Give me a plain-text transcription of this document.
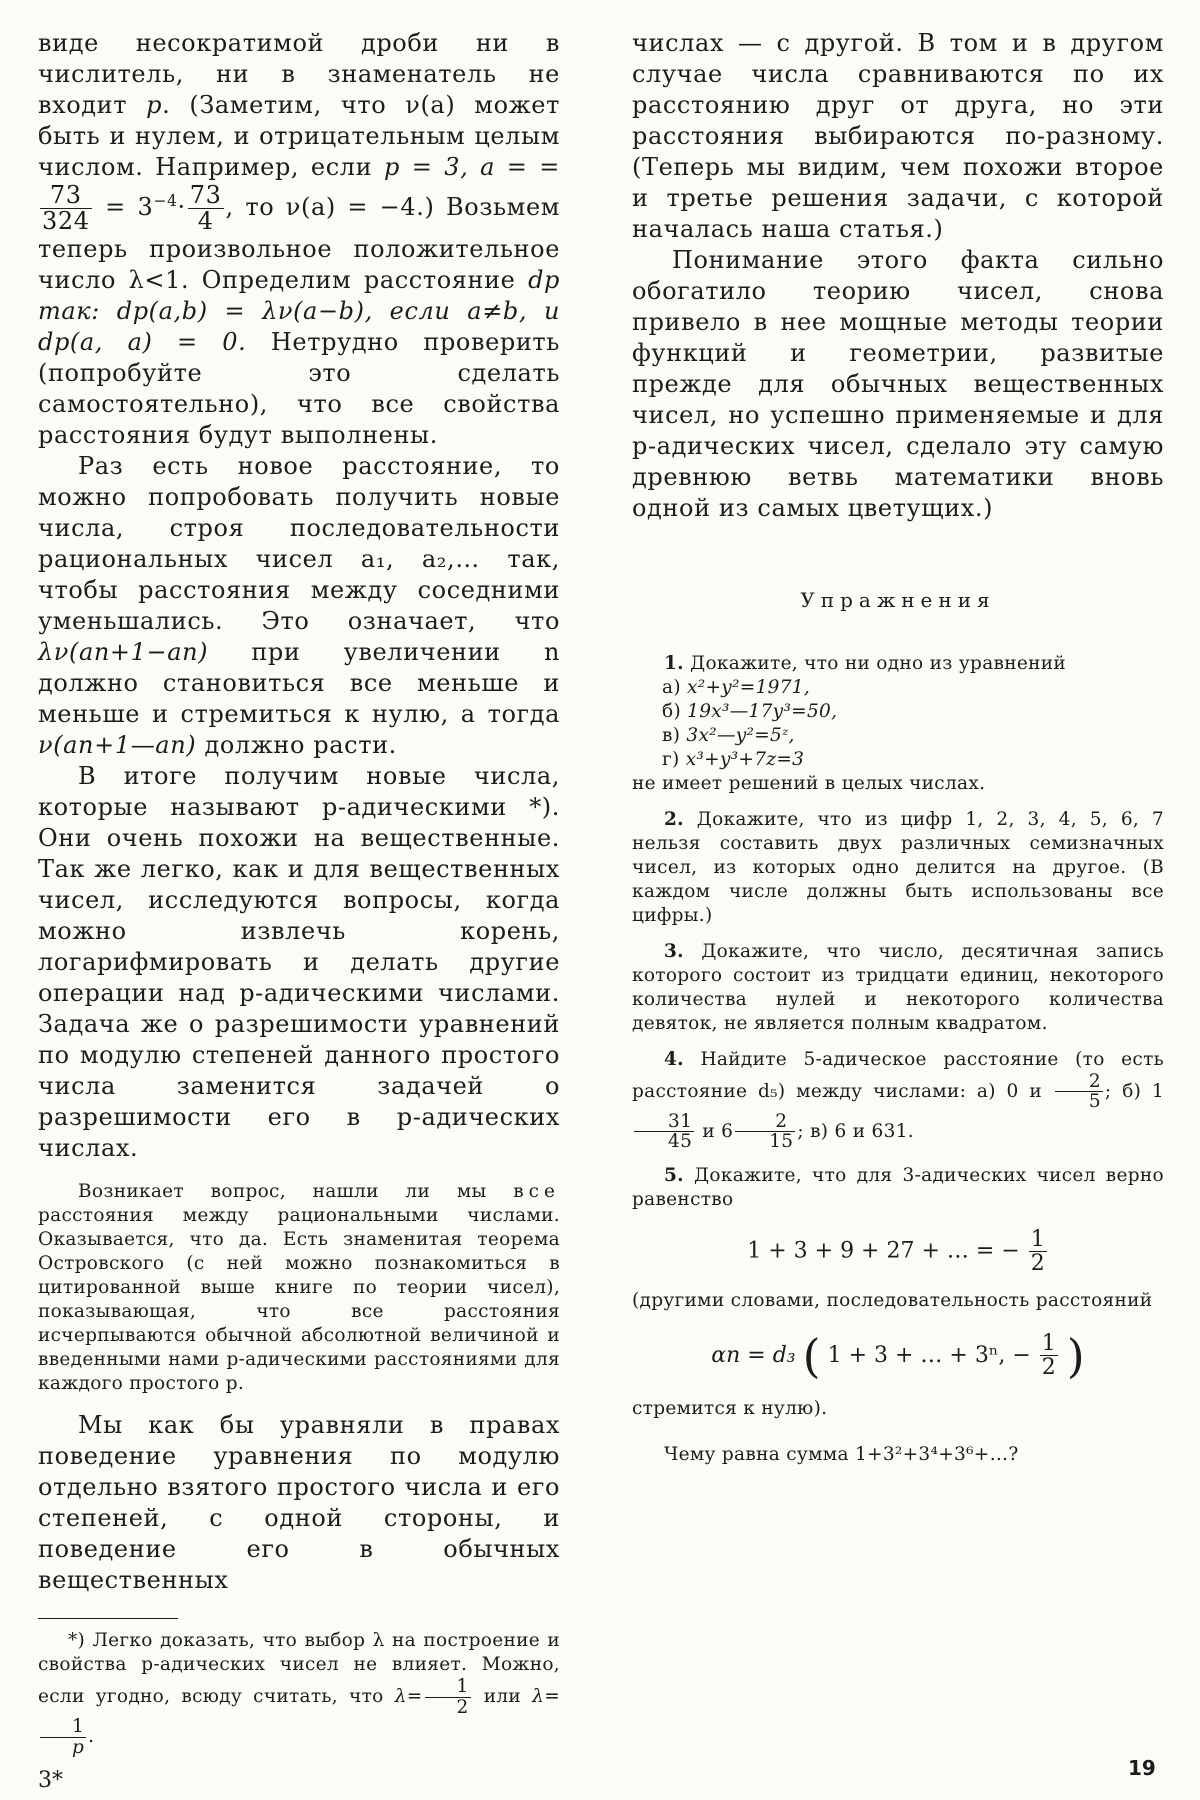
виде несократимой дроби ни в числитель, ни в знаменатель не входит p. (Заметим, что ν(a) может быть и нулем, и отрицательным целым числом. Например, если p = 3, a = =
$\frac{73}{324} = 3^{-4}\cdot \frac{73}{4}$ , то ν(a) = −4.) Возьмем теперь произвольное положительное число λ<1. Определим расстояние dp так: dp(a,b) = λν(a−b), если a≠b, и dp(a, a) = 0. Нетрудно проверить (попробуйте это сделать самостоятельно), что все свойства расстояния будут выполнены.

Раз есть новое расстояние, то можно попробовать получить новые числа, строя последовательности рациональных чисел a₁, a₂,… так, чтобы расстояния между соседними уменьшались. Это означает, что λν(an+1−an) при увеличении n должно становиться все меньше и меньше и стремиться к нулю, а тогда ν(an+1—an) должно расти.

В итоге получим новые числа, которые называют p-адическими *). Они очень похожи на вещественные. Так же легко, как и для вещественных чисел, исследуются вопросы, когда можно извлечь корень, логарифмировать и делать другие операции над p-адическими числами. Задача же о разрешимости уравнений по модулю степеней данного простого числа заменится задачей о разрешимости его в p-адических числах.

Возникает вопрос, нашли ли мы все расстояния между рациональными числами. Оказывается, что да. Есть знаменитая теорема Островского (с ней можно познакомиться в цитированной выше книге по теории чисел), показывающая, что все расстояния исчерпываются обычной абсолютной величиной и введенными нами p-адическими расстояниями для каждого простого p.

Мы как бы уравняли в правах поведение уравнения по модулю отдельно взятого простого числа и его степеней, с одной стороны, и поведение его в обычных вещественных

*) Легко доказать, что выбор λ на построение и свойства p-адических чисел не влияет. Можно, если угодно, всюду считать, что $\lambda= \frac{1}{2}$ или λ=
$\frac{1}{p}$ .

числах — с другой. В том и в другом случае числа сравниваются по их расстоянию друг от друга, но эти расстояния выбираются по-разному. (Теперь мы видим, чем похожи второе и третье решения задачи, с которой началась наша статья.)

Понимание этого факта сильно обогатило теорию чисел, снова привело в нее мощные методы теории функций и геометрии, развитые прежде для обычных вещественных чисел, но успешно применяемые и для p-адических чисел, сделало эту самую древнюю ветвь математики вновь одной из самых цветущих.)

Упражнения

1. Докажите, что ни одно из уравнений

а) x²+y²=1971,

б) 19x³—17y³=50,

в) 3x²—y²=5ᶻ,

г) x³+y³+7z=3

не имеет решений в целых числах.

2. Докажите, что из цифр 1, 2, 3, 4, 5, 6, 7 нельзя составить двух различных семизначных чисел, из которых одно делится на другое. (В каждом числе должны быть использованы все цифры.)

3. Докажите, что число, десятичная запись которого состоит из тридцати единиц, некоторого количества нулей и некоторого количества девяток, не является полным квадратом.

4. Найдите 5-адическое расстояние (то есть расстояние d₅) между числами: а) 0 и $\frac{2}{5}$ ; б) 1
$\frac{31}{45}$ и $6 \frac{2}{15}$ ; в) 6 и 631.

5. Докажите, что для 3-адических чисел верно равенство

1 + 3 + 9 + 27 + … = − $\frac{1}{2}$

(другими словами, последовательность расстояний

αn = d₃ ( 1 + 3 + … + 3ⁿ, − $\frac{1}{2}$ )

стремится к нулю).

Чему равна сумма 1+3²+3⁴+3⁶+…?

3*	19
